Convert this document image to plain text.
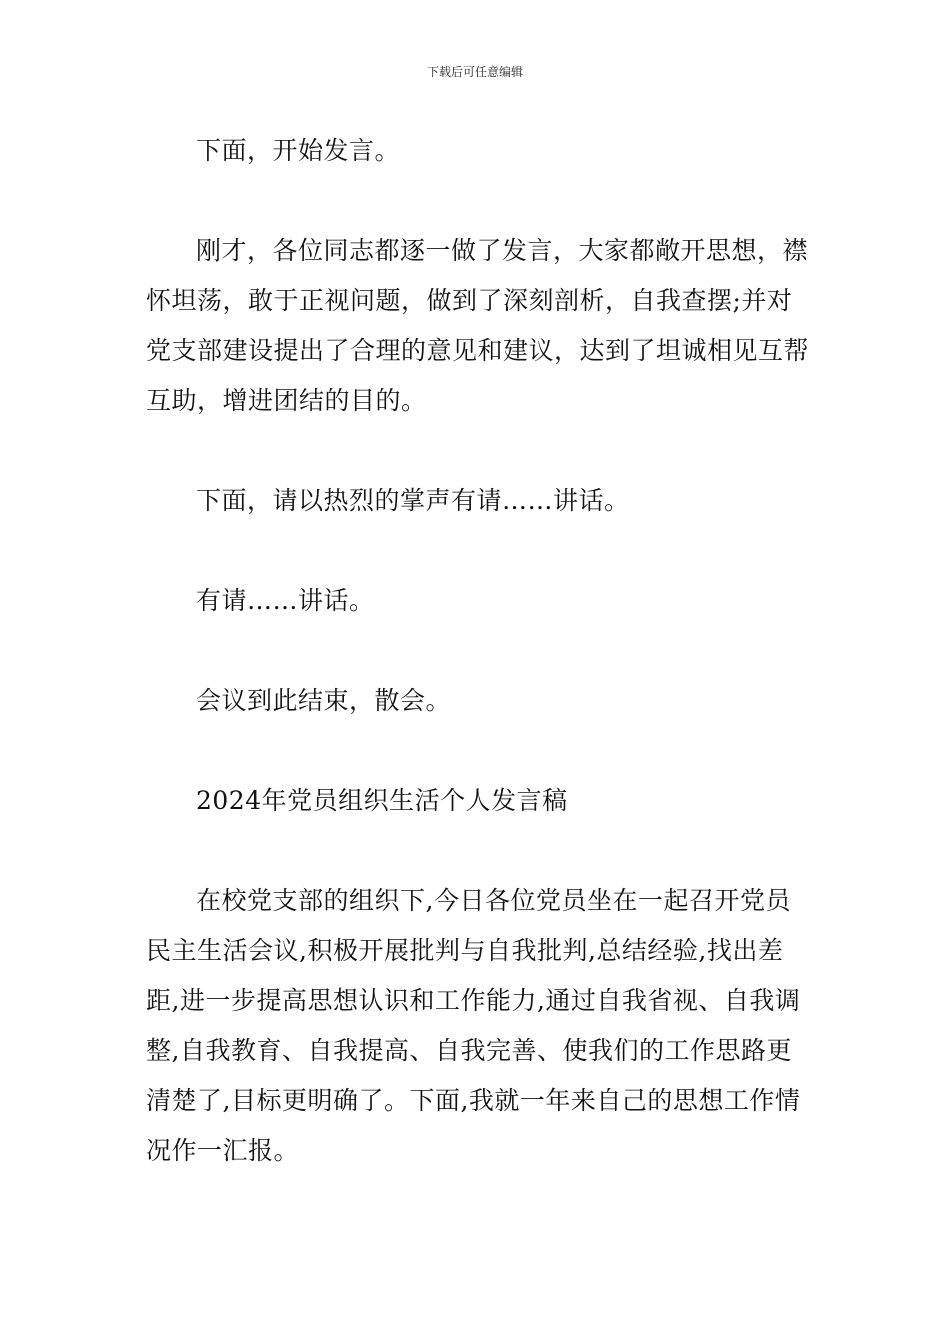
下载后可任意编辑

下面，开始发言。

刚才，各位同志都逐一做了发言，大家都敞开思想，襟怀坦荡，敢于正视问题，做到了深刻剖析，自我查摆;并对党支部建设提出了合理的意见和建议，达到了坦诚相见互帮互助，增进团结的目的。

下面，请以热烈的掌声有请……讲话。

有请……讲话。

会议到此结束，散会。

2024年党员组织生活个人发言稿

在校党支部的组织下,今日各位党员坐在一起召开党员民主生活会议,积极开展批判与自我批判,总结经验,找出差距,进一步提高思想认识和工作能力,通过自我省视、自我调整,自我教育、自我提高、自我完善、使我们的工作思路更清楚了,目标更明确了。下面,我就一年来自己的思想工作情况作一汇报。
